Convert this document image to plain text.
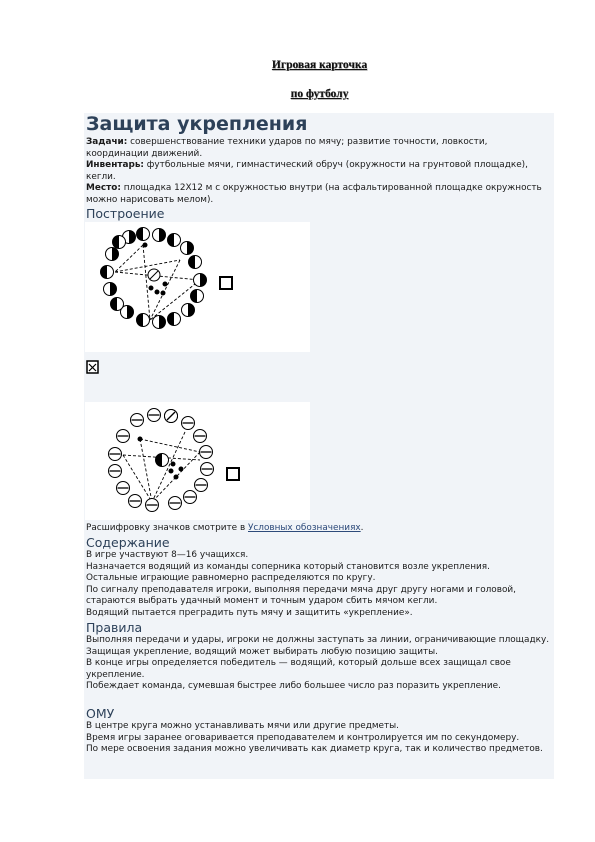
Игровая карточка
по футболу
Защита укрепления
Задачи: совершенствование техники ударов по мячу; развитие точности, ловкости, координации движений.
Инвентарь: футбольные мячи, гимнастический обруч (окружности на грунтовой площадке), кегли.
Место: площадка 12Х12 м с окружностью внутри (на асфальтированной площадке окружность можно нарисовать мелом).
Построение
Расшифровку значков смотрите в Условных обозначениях.
Содержание
В игре участвуют 8—16 учащихся.
Назначается водящий из команды соперника который становится возле укрепления.
Остальные играющие равномерно распределяются по кругу.
По сигналу преподавателя игроки, выполняя передачи мяча друг другу ногами и головой, стараются выбрать удачный момент и точным ударом сбить мячом кегли.
Водящий пытается преградить путь мячу и защитить «укрепление».
Правила
Выполняя передачи и удары, игроки не должны заступать за линии, ограничивающие площадку.
Защищая укрепление, водящий может выбирать любую позицию защиты.
В конце игры определяется победитель — водящий, который дольше всех защищал свое укрепление.
Побеждает команда, сумевшая быстрее либо большее число раз поразить укрепление.
ОМУ
В центре круга можно устанавливать мячи или другие предметы.
Время игры заранее оговаривается преподавателем и контролируется им по секундомеру.
По мере освоения задания можно увеличивать как диаметр круга, так и количество предметов.
